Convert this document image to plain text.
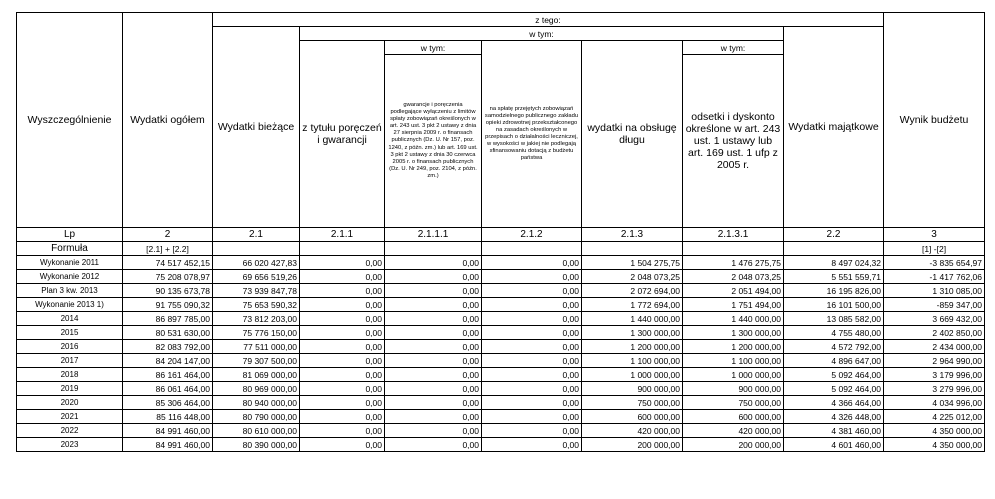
Wyszczególnienie	Wydatki ogółem	z tego:							Wynik budżetu
		Wydatki bieżące	w tym:					Wydatki majątkowe	
			z tytułu poręczeń i gwarancji	w tym:	na spłatę przejętych zobowiązań samodzielnego publicznego zakładu opieki zdrowotnej przekształconego na zasadach określonych w przepisach o działalności leczniczej, w wysokości w jakiej nie podlegają sfinansowaniu dotacją z budżetu państwa	wydatki na obsługę długu	w tym:		
				gwarancje i poręczenia podlegające wyłączeniu z limitów spłaty zobowiązań określonych w art. 243 ust. 3 pkt 2 ustawy z dnia 27 sierpnia 2009 r. o finansach publicznych (Dz. U. Nr 157, poz. 1240, z późn. zm.) lub art. 169 ust. 3 pkt 2 ustawy z dnia 30 czerwca 2005 r. o finansach publicznych (Dz. U. Nr 249, poz. 2104, z późn. zm.)			odsetki i dyskonto określone w art. 243 ust. 1 ustawy lub art. 169 ust. 1 ufp z 2005 r.		
Lp	2	2.1	2.1.1	2.1.1.1	2.1.2	2.1.3	2.1.3.1	2.2	3
Formuła	[2.1] + [2.2]								[1] -[2]
Wykonanie 2011	74 517 452,15	66 020 427,83	0,00	0,00	0,00	1 504 275,75	1 476 275,75	8 497 024,32	-3 835 654,97
Wykonanie 2012	75 208 078,97	69 656 519,26	0,00	0,00	0,00	2 048 073,25	2 048 073,25	5 551 559,71	-1 417 762,06
Plan 3 kw. 2013	90 135 673,78	73 939 847,78	0,00	0,00	0,00	2 072 694,00	2 051 494,00	16 195 826,00	1 310 085,00
Wykonanie 2013 1)	91 755 090,32	75 653 590,32	0,00	0,00	0,00	1 772 694,00	1 751 494,00	16 101 500,00	-859 347,00
2014	86 897 785,00	73 812 203,00	0,00	0,00	0,00	1 440 000,00	1 440 000,00	13 085 582,00	3 669 432,00
2015	80 531 630,00	75 776 150,00	0,00	0,00	0,00	1 300 000,00	1 300 000,00	4 755 480,00	2 402 850,00
2016	82 083 792,00	77 511 000,00	0,00	0,00	0,00	1 200 000,00	1 200 000,00	4 572 792,00	2 434 000,00
2017	84 204 147,00	79 307 500,00	0,00	0,00	0,00	1 100 000,00	1 100 000,00	4 896 647,00	2 964 990,00
2018	86 161 464,00	81 069 000,00	0,00	0,00	0,00	1 000 000,00	1 000 000,00	5 092 464,00	3 179 996,00
2019	86 061 464,00	80 969 000,00	0,00	0,00	0,00	900 000,00	900 000,00	5 092 464,00	3 279 996,00
2020	85 306 464,00	80 940 000,00	0,00	0,00	0,00	750 000,00	750 000,00	4 366 464,00	4 034 996,00
2021	85 116 448,00	80 790 000,00	0,00	0,00	0,00	600 000,00	600 000,00	4 326 448,00	4 225 012,00
2022	84 991 460,00	80 610 000,00	0,00	0,00	0,00	420 000,00	420 000,00	4 381 460,00	4 350 000,00
2023	84 991 460,00	80 390 000,00	0,00	0,00	0,00	200 000,00	200 000,00	4 601 460,00	4 350 000,00
